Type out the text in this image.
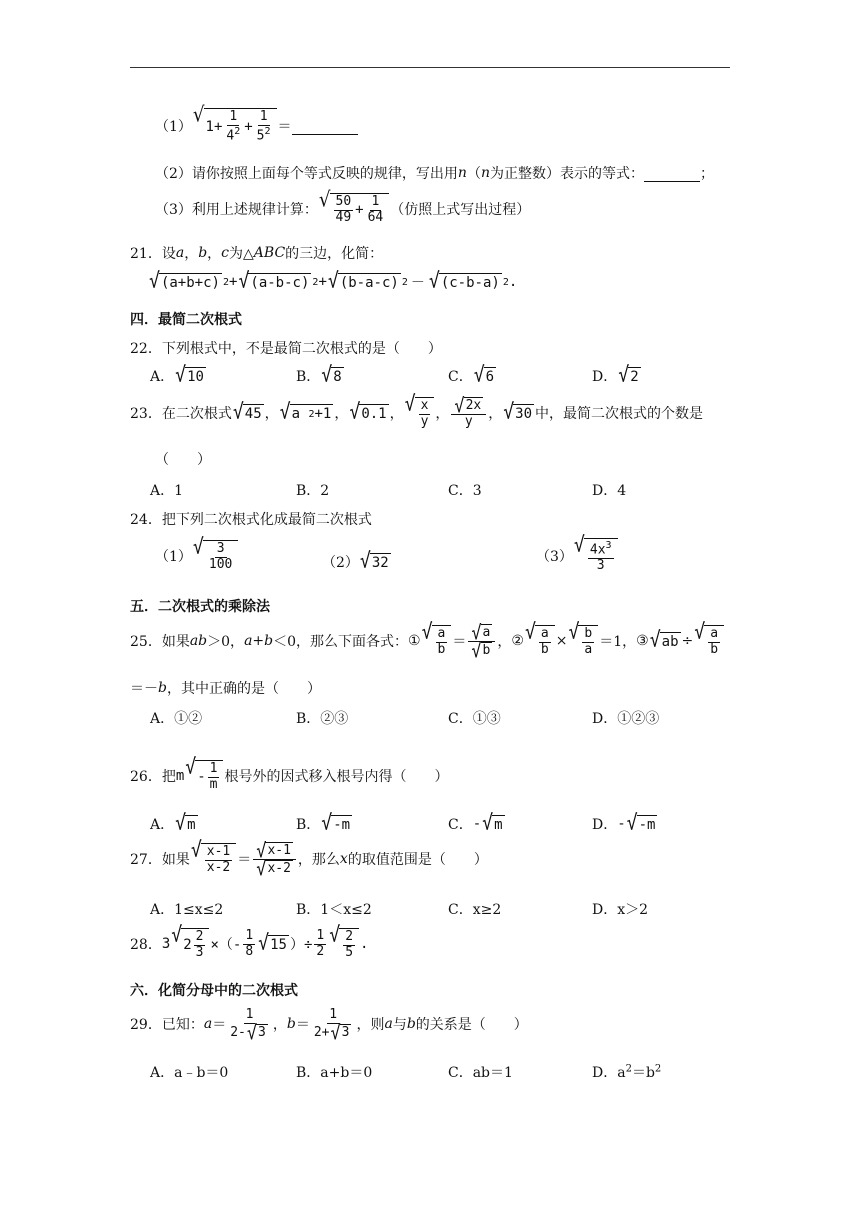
（1） √ $1+ \frac{1}{4^2} + \frac{1}{5^2}$ ＝

（2）请你按照上面每个等式反映的规律，写出用 n （ n 为正整数）表示的等式：
	；
（3）利用上述规律计算： √ $\frac{50}{49} + \frac{1}{64}$ （仿照上式写出过程）
21．设 a ， b ， c 为△ ABC 的三边，化简：
√ (a+b+c) 2 + √ (a-b-c) 2 + √ (b-a-c) 2 － √ (c-b-a) 2 .
四．最简二次根式
22．下列根式中，不是最简二次根式的是（　　）
A． √ 10	B． √ 8	C． √ 6	D． √ 2
23．在二次根式 √ 45 ， √ a
2 +1 ， √ 0.1 ， √ $\frac{x}{y}$ ， $\frac{√ 2x}{y}$ ， √ 30 中，最简二次根式的个数是
（　　）
A．1	B．2	C．3	D．4
24．把下列二次根式化成最简二次根式
（1） √ $\frac{3}{100}$	（2） √ 32	（3） √ $\frac{4x^3}{3}$
五．二次根式的乘除法
25．如果 ab ＞0， a+b ＜0，那么下面各式： ① √ $\frac{a}{b} = \frac{√ a}{√ b}$ ， ② √ $\frac{a}{b}$ × √ $\frac{b}{a} =1$， ③ √ a b ÷ √ $\frac{a}{b}$
＝－ b ，其中正确的是（　　）
A．①②	B．②③	C．①③	D．①②③
26．把 m √ - $\frac{1}{m}$ 根号外的因式移入根号内得（　　）
A． √ m	B． √ -m	C． - √ m	D． - √ -m
27．如果 √ $\frac{x-1}{x-2} = \frac{√ x-1}{√ x-2}$ ，那么 x 的取值范围是（　　）
A．1≤x≤2	B．1＜x≤2	C．x≥2	D．x＞2
28． 3 √ $2 \frac{2}{3}$ ×（- $\frac{1}{8}$ √ 15 ）÷ $\frac{1}{2}$ √ $\frac{2}{5}$ .
六．化简分母中的二次根式
29．已知： $a = \frac{1}{2- √ 3}$ ， $b = \frac{1}{2+ √ 3}$ ，则 a 与 b 的关系是（　　）
A．a﹣b＝0	B．a+b＝0	C．ab＝1	D．$a^2=b^2$
